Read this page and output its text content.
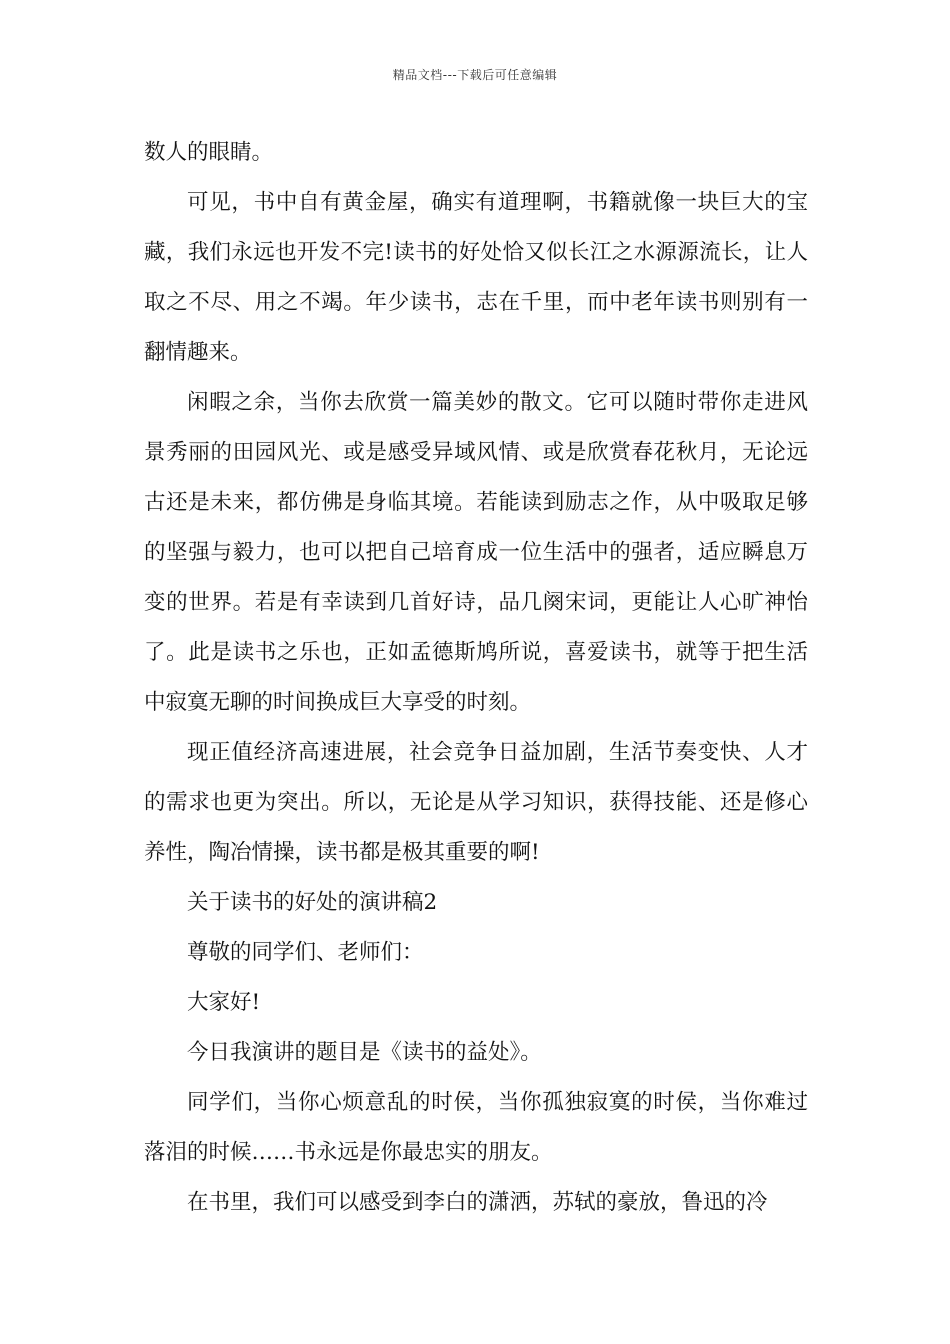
精品文档---下载后可任意编辑

数人的眼睛。

可见，书中自有黄金屋，确实有道理啊，书籍就像一块巨大的宝藏，我们永远也开发不完!读书的好处恰又似长江之水源源流长，让人取之不尽、用之不竭。年少读书，志在千里，而中老年读书则别有一翻情趣来。

闲暇之余，当你去欣赏一篇美妙的散文。它可以随时带你走进风景秀丽的田园风光、或是感受异域风情、或是欣赏春花秋月，无论远古还是未来，都仿佛是身临其境。若能读到励志之作，从中吸取足够的坚强与毅力，也可以把自己培育成一位生活中的强者，适应瞬息万变的世界。若是有幸读到几首好诗，品几阕宋词，更能让人心旷神怡了。此是读书之乐也，正如孟德斯鸠所说，喜爱读书，就等于把生活中寂寞无聊的时间换成巨大享受的时刻。

现正值经济高速进展，社会竞争日益加剧，生活节奏变快、人才的需求也更为突出。所以，无论是从学习知识，获得技能、还是修心养性，陶冶情操，读书都是极其重要的啊!

关于读书的好处的演讲稿2

尊敬的同学们、老师们：

大家好!

今日我演讲的题目是《读书的益处》。

同学们，当你心烦意乱的时侯，当你孤独寂寞的时侯，当你难过落泪的时候……书永远是你最忠实的朋友。

在书里，我们可以感受到李白的潇洒，苏轼的豪放，鲁迅的冷
